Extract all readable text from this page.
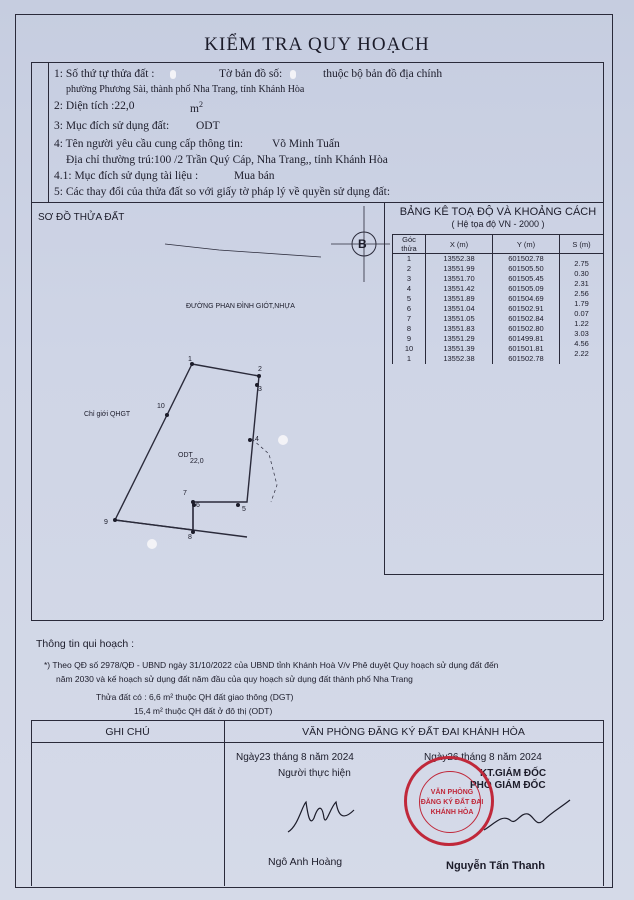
KIỂM TRA QUY HOẠCH
1: Số thứ tự thửa đất :	Tờ bản đồ số:	thuộc bộ bản đồ địa chính
phường Phương Sài, thành phố Nha Trang, tỉnh Khánh Hòa
2: Diện tích :22,0	$m^2$
3: Mục đích sử dụng đất: ODT
4: Tên người yêu cầu cung cấp thông tin:	Võ Minh Tuấn
Địa chỉ thường trú:100 /2 Trần Quý Cáp, Nha Trang,, tỉnh Khánh Hòa
4.1: Mục đích sử dụng tài liệu :	Mua bán
5: Các thay đổi của thửa đất so với giấy tờ pháp lý về quyền sử dụng đất:
SƠ ĐỒ THỬA ĐẤT
B
ĐƯỜNG PHAN ĐÌNH GIÓT,NHỰA
Chỉ giới QHGT
ODT
22,0
1
2
3
4
5
6
7
8
9
10
BẢNG KÊ TOẠ ĐỘ VÀ KHOẢNG CÁCH
( Hệ tọa độ VN - 2000 )
Góc thửa	X (m)	Y (m)	S (m)
1	13552.38	601502.78	2.75
2	13551.99	601505.50	0.30
3	13551.70	601505.45	2.31
4	13551.42	601505.09	2.56
5	13551.89	601504.69	1.79
6	13551.04	601502.91	0.07
7	13551.05	601502.84	1.22
8	13551.83	601502.80	3.03
9	13551.29	601499.81	4.56
10	13551.39	601501.81	2.22
1	13552.38	601502.78	
Thông tin qui hoạch :
*) Theo QĐ số 2978/QĐ - UBND ngày 31/10/2022 của UBND tỉnh Khánh Hoà V/v Phê duyệt Quy hoạch sử dụng đất đến
năm 2030 và kế hoạch sử dụng đất năm đầu của quy hoạch sử dụng đất thành phố Nha Trang
Thửa đất có : 6,6 m² thuộc QH đất giao thông (DGT)
15,4 m² thuộc QH đất ở đô thị (ODT)
GHI CHÚ	VĂN PHÒNG ĐĂNG KÝ ĐẤT ĐAI KHÁNH HÒA
Ngày23 tháng 8 năm 2024
Người thực hiện
Ngô Anh Hoàng
Ngày26 tháng 8 năm 2024
KT.GIÁM ĐỐC
PHÓ GIÁM ĐỐC
Nguyễn Tấn Thanh
VĂN PHÒNG
ĐĂNG KÝ ĐẤT ĐAI
KHÁNH HÒA
